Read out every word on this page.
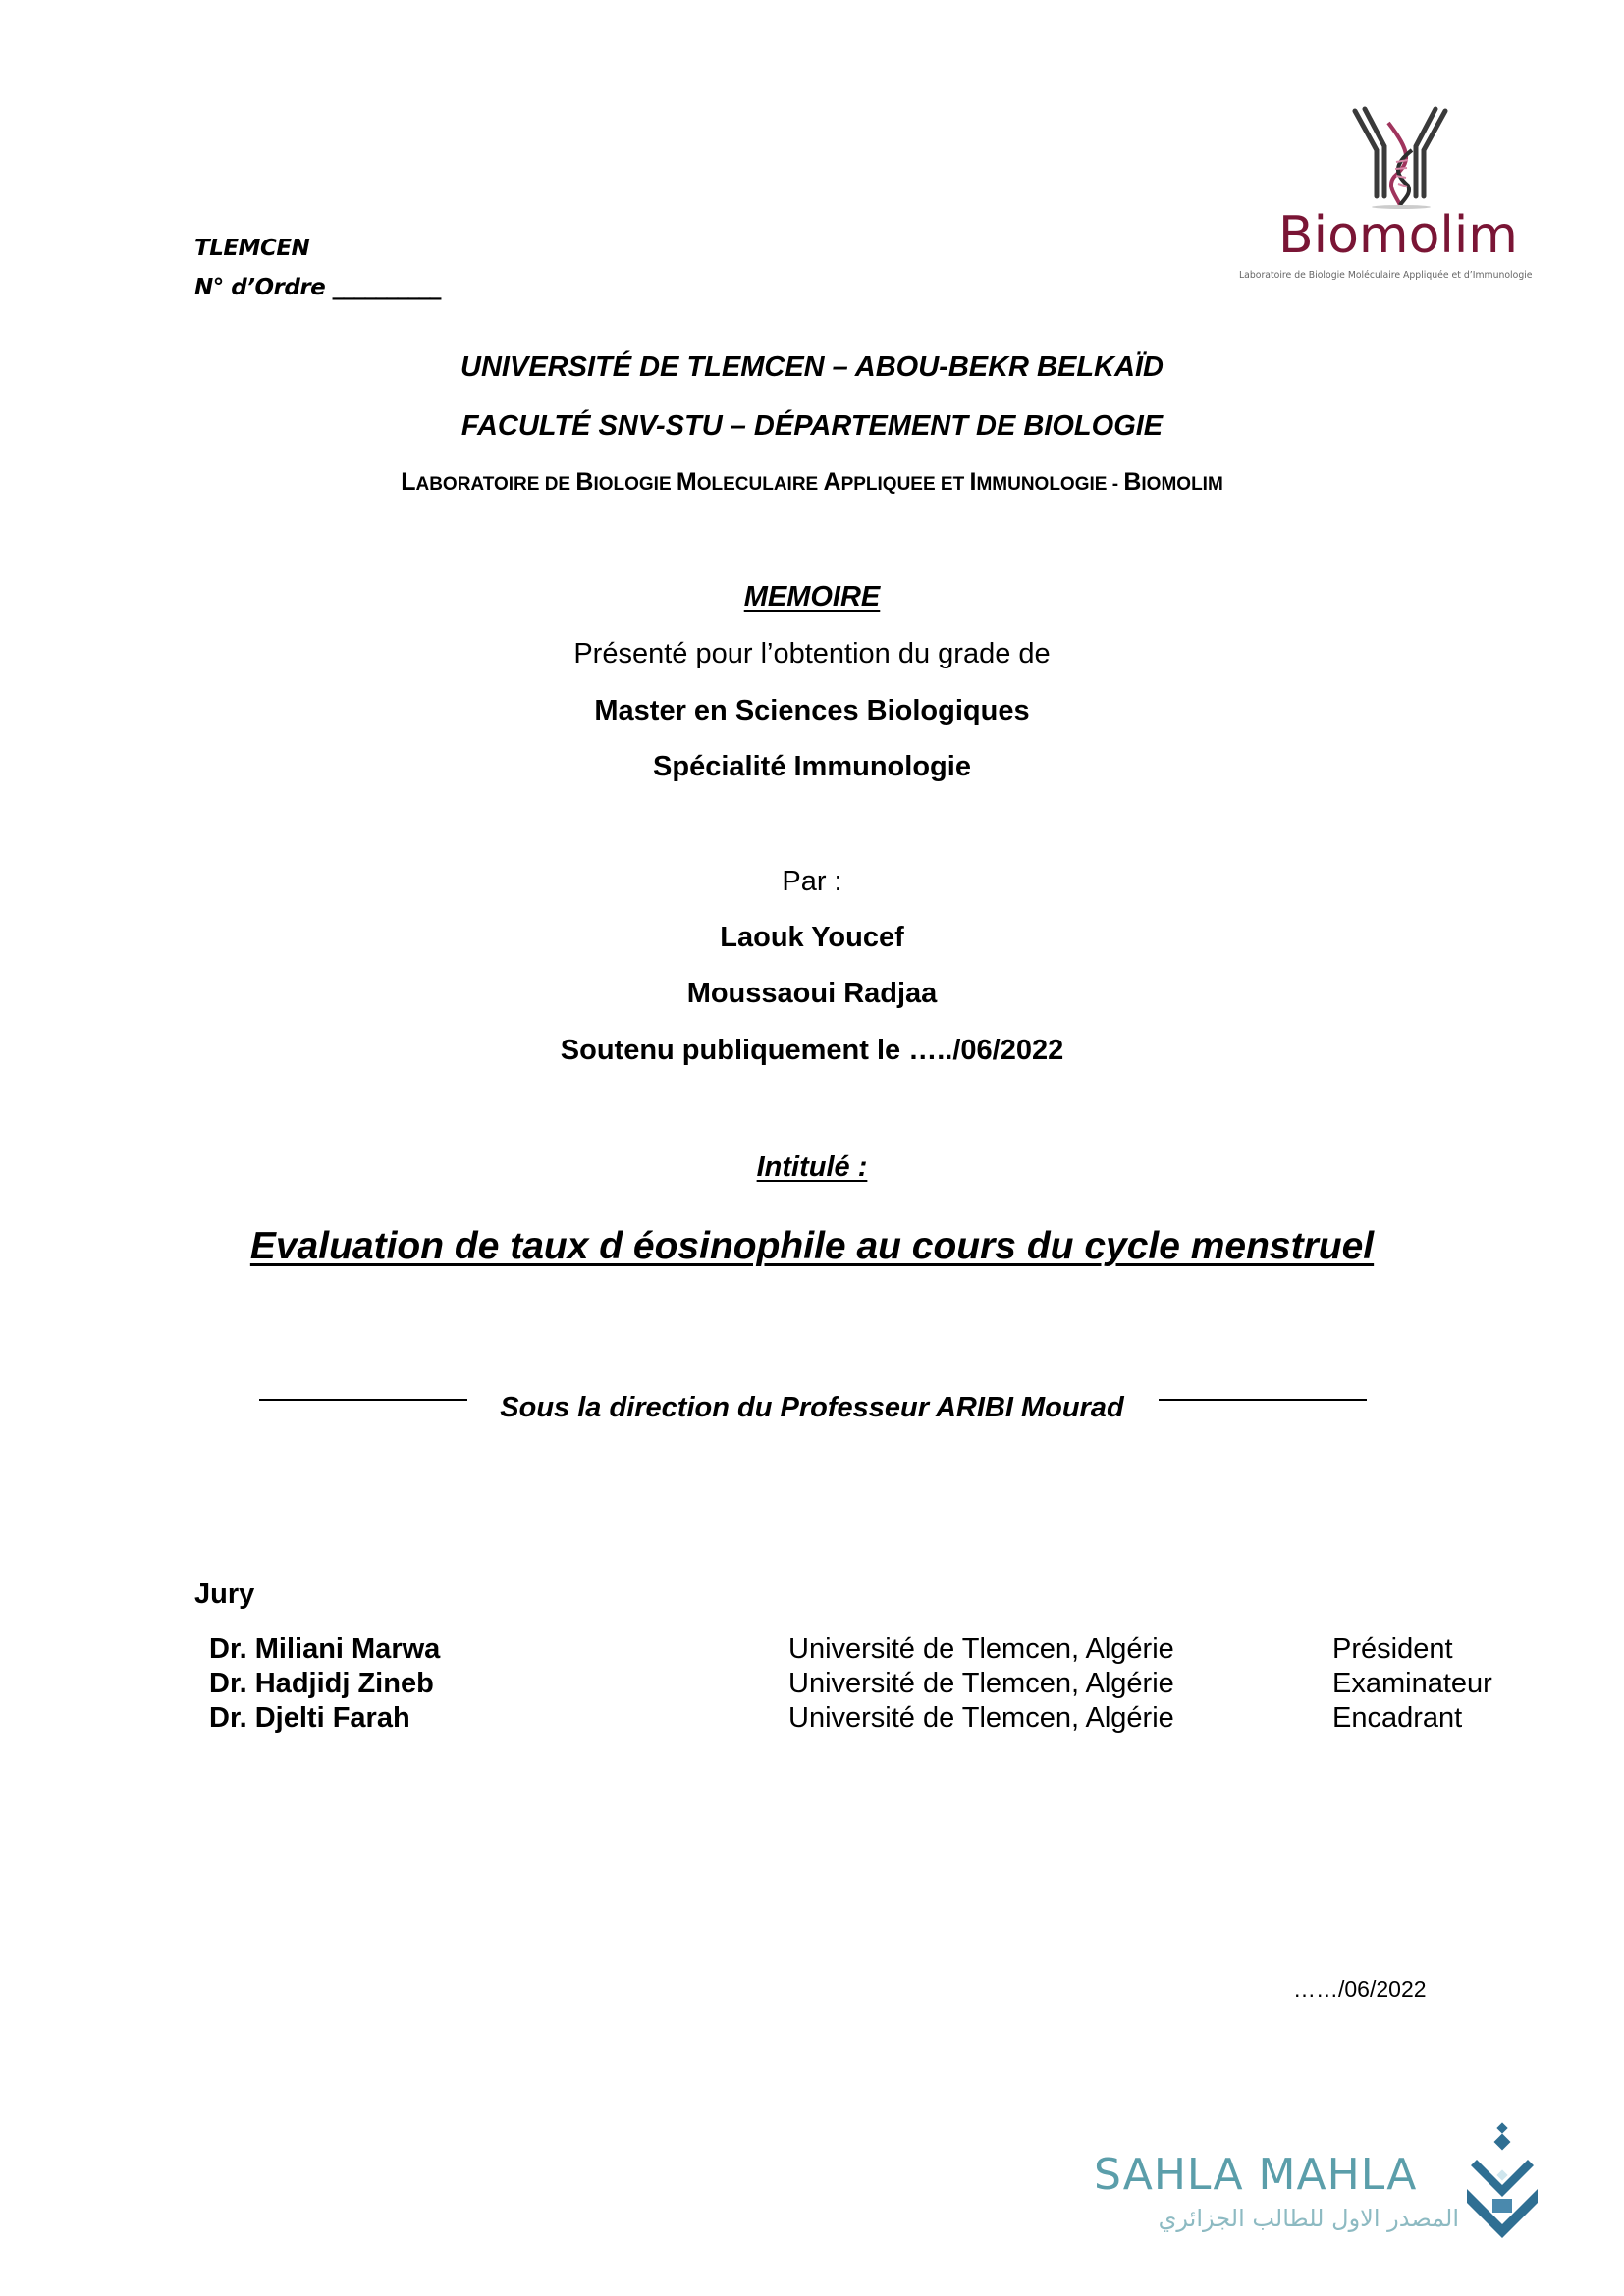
TLEMCEN
N° d’Ordre __________
Biomolim
Laboratoire de Biologie Moléculaire Appliquée et d’Immunologie
UNIVERSITÉ DE TLEMCEN – ABOU-BEKR BELKAÏD
FACULTÉ SNV-STU – DÉPARTEMENT DE BIOLOGIE
LABORATOIRE DE BIOLOGIE MOLECULAIRE APPLIQUEE ET IMMUNOLOGIE - BIOMOLIM
MEMOIRE
Présenté pour l’obtention du grade de
Master en Sciences Biologiques
Spécialité Immunologie
Par :
Laouk Youcef
Moussaoui Radjaa
Soutenu publiquement le …../06/2022
Intitulé :
Evaluation de taux d éosinophile au cours du cycle menstruel
Sous la direction du Professeur ARIBI Mourad
Jury
Dr. Miliani Marwa	Université de Tlemcen, Algérie	Président
Dr. Hadjidj Zineb	Université de Tlemcen, Algérie	Examinateur
Dr. Djelti Farah	Université de Tlemcen, Algérie	Encadrant
……/06/2022
SAHLA MAHLA
المصدر الاول للطالب الجزائري
